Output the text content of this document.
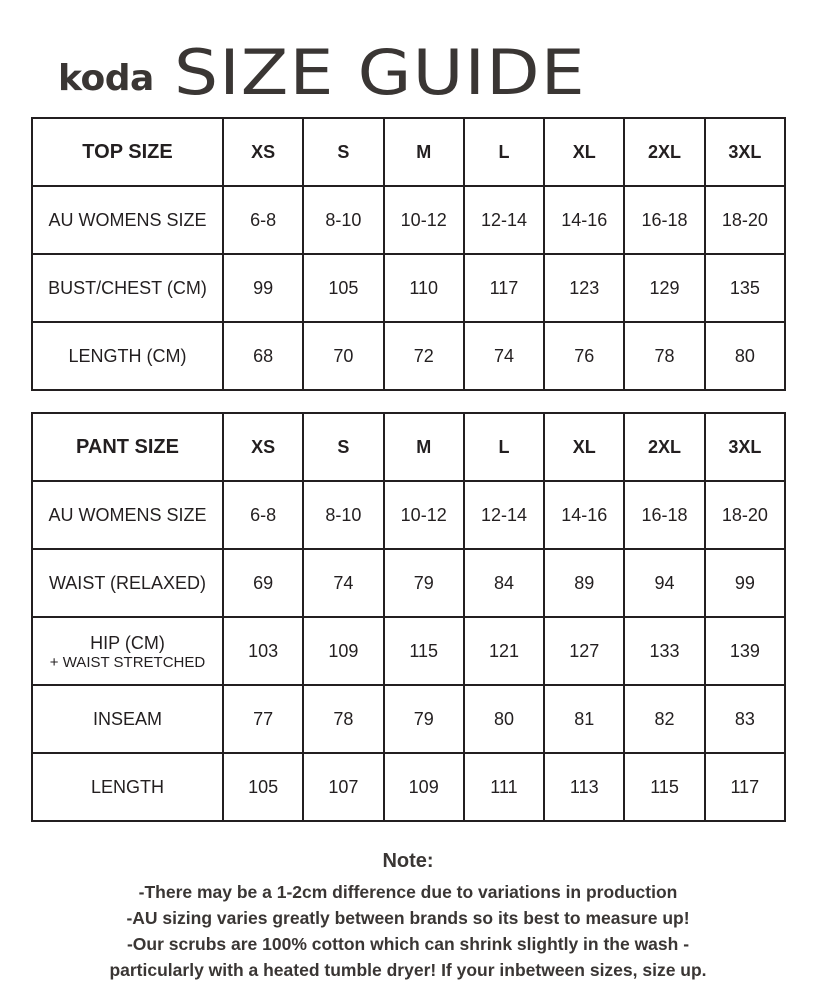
koda SIZE GUIDE
TOP SIZE	XS	S	M	L	XL	2XL	3XL
AU WOMENS SIZE	6-8	8-10	10-12	12-14	14-16	16-18	18-20
BUST/CHEST (CM)	99	105	110	117	123	129	135
LENGTH (CM)	68	70	72	74	76	78	80
PANT SIZE	XS	S	M	L	XL	2XL	3XL
AU WOMENS SIZE	6-8	8-10	10-12	12-14	14-16	16-18	18-20
WAIST (RELAXED)	69	74	79	84	89	94	99

HIP (CM)
+ WAIST STRETCHED	103	109	115	121	127	133	139
INSEAM	77	78	79	80	81	82	83
LENGTH	105	107	109	111	113	115	117
Note:
-There may be a 1-2cm difference due to variations in production
-AU sizing varies greatly between brands so its best to measure up!
-Our scrubs are 100% cotton which can shrink slightly in the wash -
particularly with a heated tumble dryer! If your inbetween sizes, size up.
